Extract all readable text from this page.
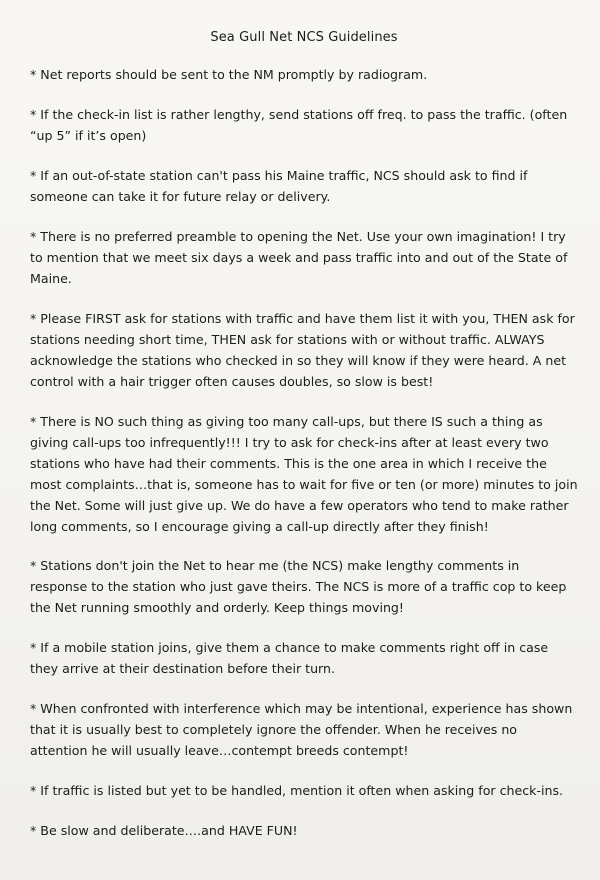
Sea Gull Net NCS Guidelines

* Net reports should be sent to the NM promptly by radiogram.

* If the check-in list is rather lengthy, send stations off freq. to pass the traffic. (often “up 5” if it’s open)

* If an out-of-state station can't pass his Maine traffic, NCS should ask to find if someone can take it for future relay or delivery.

* There is no preferred preamble to opening the Net. Use your own imagination! I try to mention that we meet six days a week and pass traffic into and out of the State of Maine.

* Please FIRST ask for stations with traffic and have them list it with you, THEN ask for stations needing short time, THEN ask for stations with or without traffic. ALWAYS acknowledge the stations who checked in so they will know if they were heard. A net control with a hair trigger often causes doubles, so slow is best!

* There is NO such thing as giving too many call-ups, but there IS such a thing as giving call-ups too infrequently!!! I try to ask for check-ins after at least every two stations who have had their comments. This is the one area in which I receive the most complaints…that is, someone has to wait for five or ten (or more) minutes to join the Net. Some will just give up. We do have a few operators who tend to make rather long comments, so I encourage giving a call-up directly after they finish!

* Stations don't join the Net to hear me (the NCS) make lengthy comments in response to the station who just gave theirs. The NCS is more of a traffic cop to keep the Net running smoothly and orderly. Keep things moving!

* If a mobile station joins, give them a chance to make comments right off in case they arrive at their destination before their turn.

* When confronted with interference which may be intentional, experience has shown that it is usually best to completely ignore the offender. When he receives no attention he will usually leave…contempt breeds contempt!

* If traffic is listed but yet to be handled, mention it often when asking for check-ins.

* Be slow and deliberate….and HAVE FUN!
